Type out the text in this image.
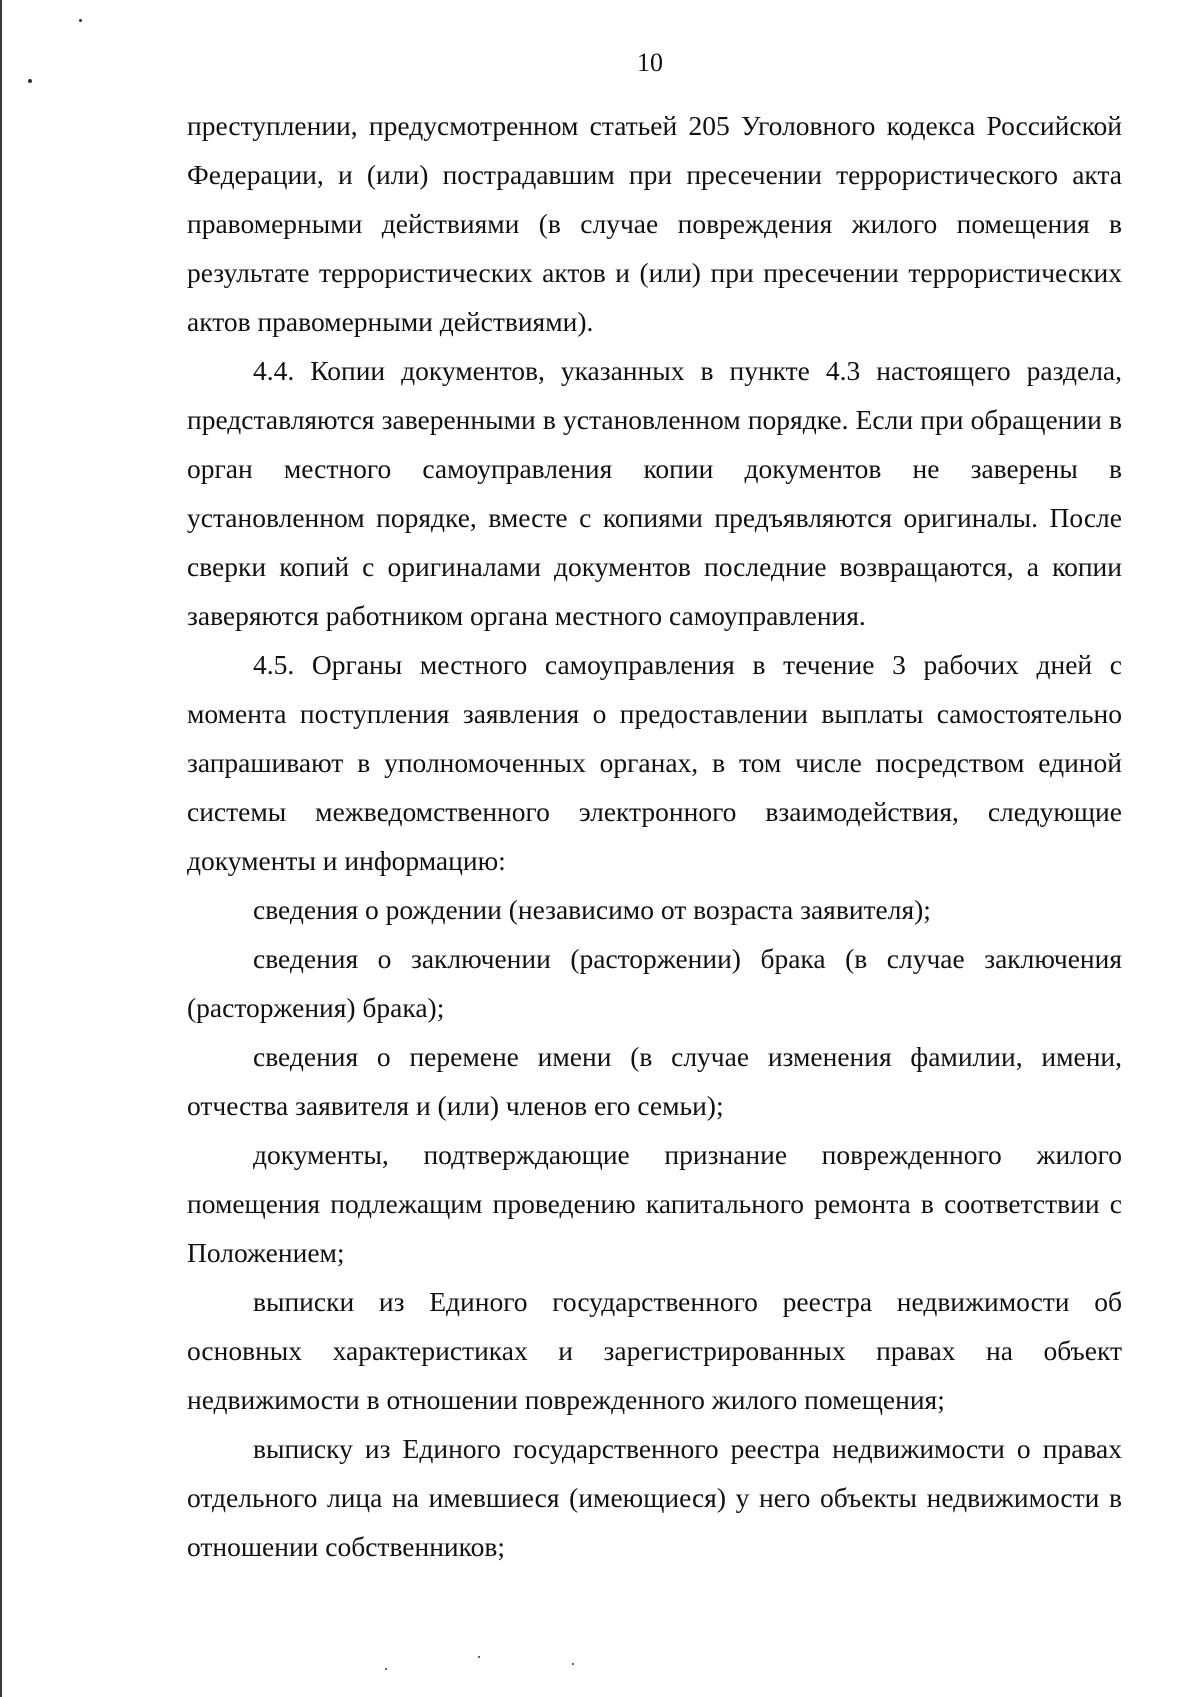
10

преступлении, предусмотренном статьей 205 Уголовного кодекса Российской Федерации, и (или) пострадавшим при пресечении террористического акта правомерными действиями (в случае повреждения жилого помещения в результате террористических актов и (или) при пресечении террористических актов правомерными действиями).

4.4. Копии документов, указанных в пункте 4.3 настоящего раздела, представляются заверенными в установленном порядке. Если при обращении в орган местного самоуправления копии документов не заверены в установленном порядке, вместе с копиями предъявляются оригиналы. После сверки копий с оригиналами документов последние возвращаются, а копии заверяются работником органа местного самоуправления.

4.5. Органы местного самоуправления в течение 3 рабочих дней с момента поступления заявления о предоставлении выплаты самостоятельно запрашивают в уполномоченных органах, в том числе посредством единой системы межведомственного электронного взаимодействия, следующие документы и информацию:

сведения о рождении (независимо от возраста заявителя);

сведения о заключении (расторжении) брака (в случае заключения (расторжения) брака);

сведения о перемене имени (в случае изменения фамилии, имени, отчества заявителя и (или) членов его семьи);

документы, подтверждающие признание поврежденного жилого помещения подлежащим проведению капитального ремонта в соответствии с Положением;

выписки из Единого государственного реестра недвижимости об основных характеристиках и зарегистрированных правах на объект недвижимости в отношении поврежденного жилого помещения;

выписку из Единого государственного реестра недвижимости о правах отдельного лица на имевшиеся (имеющиеся) у него объекты недвижимости в отношении собственников;
